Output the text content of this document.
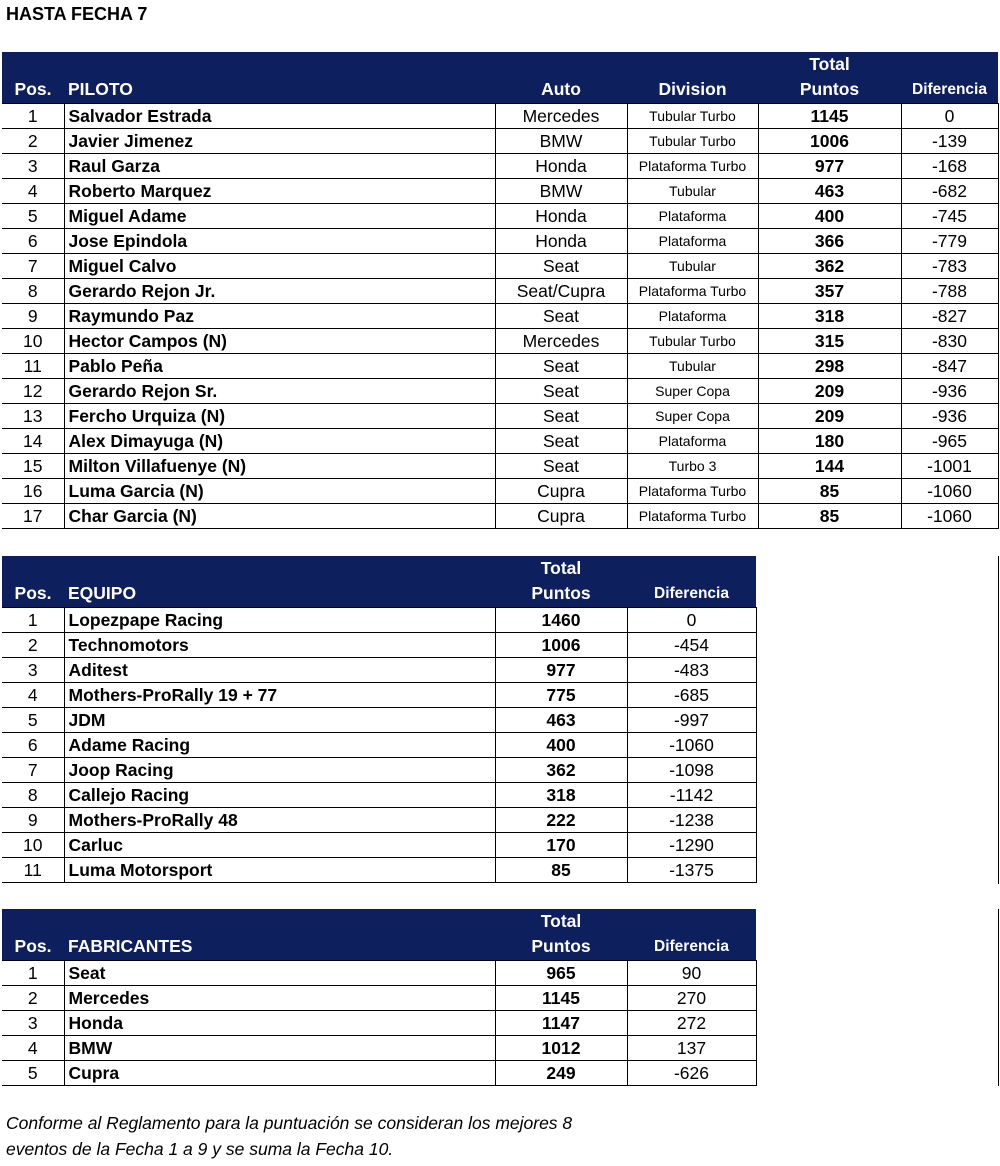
HASTA FECHA 7
Pos.	PILOTO	Auto	Division	Total
Puntos	Diferencia
1	Salvador Estrada	Mercedes	Tubular Turbo	1145	0
2	Javier Jimenez	BMW	Tubular Turbo	1006	-139
3	Raul Garza	Honda	Plataforma Turbo	977	-168
4	Roberto Marquez	BMW	Tubular	463	-682
5	Miguel Adame	Honda	Plataforma	400	-745
6	Jose Epindola	Honda	Plataforma	366	-779
7	Miguel Calvo	Seat	Tubular	362	-783
8	Gerardo Rejon Jr.	Seat/Cupra	Plataforma Turbo	357	-788
9	Raymundo Paz	Seat	Plataforma	318	-827
10	Hector Campos (N)	Mercedes	Tubular Turbo	315	-830
11	Pablo Peña	Seat	Tubular	298	-847
12	Gerardo Rejon Sr.	Seat	Super Copa	209	-936
13	Fercho Urquiza (N)	Seat	Super Copa	209	-936
14	Alex Dimayuga (N)	Seat	Plataforma	180	-965
15	Milton Villafuenye (N)	Seat	Turbo 3	144	-1001
16	Luma Garcia (N)	Cupra	Plataforma Turbo	85	-1060
17	Char Garcia (N)	Cupra	Plataforma Turbo	85	-1060
Pos.	EQUIPO	Total
Puntos	Diferencia
1	Lopezpape Racing	1460	0
2	Technomotors	1006	-454
3	Aditest	977	-483
4	Mothers-ProRally 19 + 77	775	-685
5	JDM	463	-997
6	Adame Racing	400	-1060
7	Joop Racing	362	-1098
8	Callejo Racing	318	-1142
9	Mothers-ProRally 48	222	-1238
10	Carluc	170	-1290
11	Luma Motorsport	85	-1375
Pos.	FABRICANTES	Total
Puntos	Diferencia
1	Seat	965	90
2	Mercedes	1145	270
3	Honda	1147	272
4	BMW	1012	137
5	Cupra	249	-626
Conforme al Reglamento para la puntuación se consideran los mejores 8
eventos de la Fecha 1 a 9 y se suma la Fecha 10.
